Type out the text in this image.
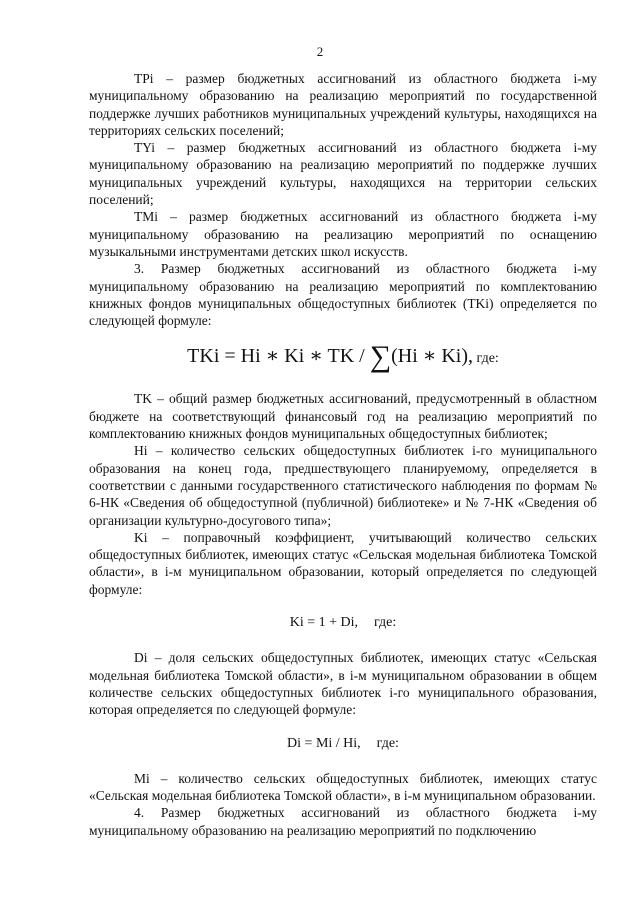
2

TPi – размер бюджетных ассигнований из областного бюджета i-му муниципальному образованию на реализацию мероприятий по государственной поддержке лучших работников муниципальных учреждений культуры, находящихся на территориях сельских поселений;

TYi – размер бюджетных ассигнований из областного бюджета i-му муниципальному образованию на реализацию мероприятий по поддержке лучших муниципальных учреждений культуры, находящихся на территории сельских поселений;

TMi – размер бюджетных ассигнований из областного бюджета i-му муниципальному образованию на реализацию мероприятий по оснащению музыкальными инструментами детских школ искусств.

3. Размер бюджетных ассигнований из областного бюджета i-му муниципальному образованию на реализацию мероприятий по комплектованию книжных фондов муниципальных общедоступных библиотек (TKi) определяется по следующей формуле:

TKi = Hi ∗ Ki ∗ TK / ∑(Hi ∗ Ki), где:

TK – общий размер бюджетных ассигнований, предусмотренный в областном бюджете на соответствующий финансовый год на реализацию мероприятий по комплектованию книжных фондов муниципальных общедоступных библиотек;

Hi – количество сельских общедоступных библиотек i-го муниципального образования на конец года, предшествующего планируемому, определяется в соответствии с данными государственного статистического наблюдения по формам № 6-НК «Сведения об общедоступной (публичной) библиотеке» и № 7-НК «Сведения об организации культурно-досугового типа»;

Ki – поправочный коэффициент, учитывающий количество сельских общедоступных библиотек, имеющих статус «Сельская модельная библиотека Томской области», в i-м муниципальном образовании, который определяется по следующей формуле:

Ki = 1 + Di, где:

Di – доля сельских общедоступных библиотек, имеющих статус «Сельская модельная библиотека Томской области», в i-м муниципальном образовании в общем количестве сельских общедоступных библиотек i-го муниципального образования, которая определяется по следующей формуле:

Di = Mi / Hi, где:

Mi – количество сельских общедоступных библиотек, имеющих статус «Сельская модельная библиотека Томской области», в i-м муниципальном образовании.

4. Размер бюджетных ассигнований из областного бюджета i-му муниципальному образованию на реализацию мероприятий по подключению
